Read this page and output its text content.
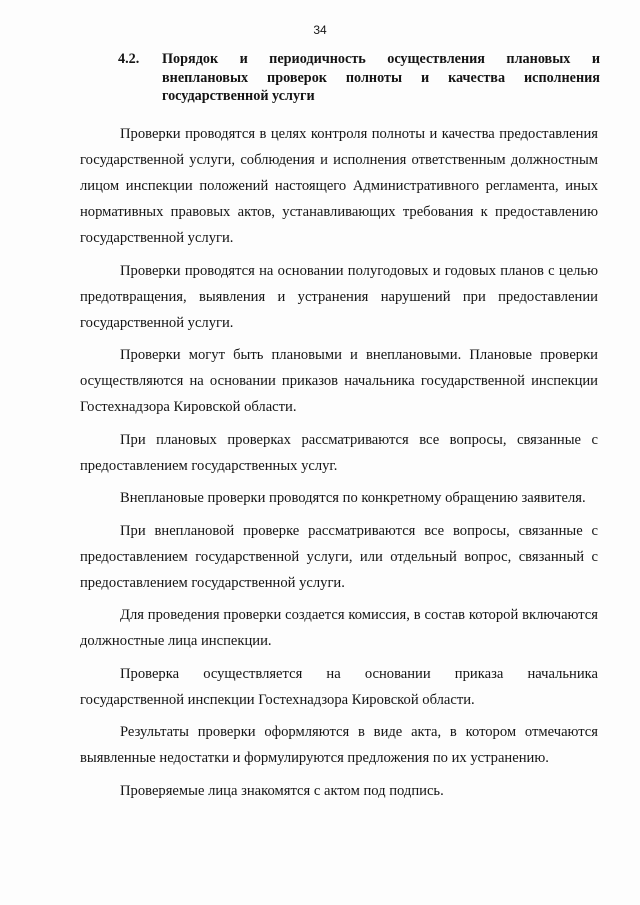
34
4.2. Порядок и периодичность осуществления плановых и внеплановых проверок полноты и качества исполнения государственной услуги

Проверки проводятся в целях контроля полноты и качества предоставления государственной услуги, соблюдения и исполнения ответственным должностным лицом инспекции положений настоящего Административного регламента, иных нормативных правовых актов, устанавливающих требования к предоставлению государственной услуги.

Проверки проводятся на основании полугодовых и годовых планов с целью предотвращения, выявления и устранения нарушений при предоставлении государственной услуги.

Проверки могут быть плановыми и внеплановыми. Плановые проверки осуществляются на основании приказов начальника государственной инспекции Гостехнадзора Кировской области.

При плановых проверках рассматриваются все вопросы, связанные с предоставлением государственных услуг.

Внеплановые проверки проводятся по конкретному обращению заявителя.

При внеплановой проверке рассматриваются все вопросы, связанные с предоставлением государственной услуги, или отдельный вопрос, связанный с предоставлением государственной услуги.

Для проведения проверки создается комиссия, в состав которой включаются должностные лица инспекции.

Проверка осуществляется на основании приказа начальника государственной инспекции Гостехнадзора Кировской области.

Результаты проверки оформляются в виде акта, в котором отмечаются выявленные недостатки и формулируются предложения по их устранению.

Проверяемые лица знакомятся с актом под подпись.
